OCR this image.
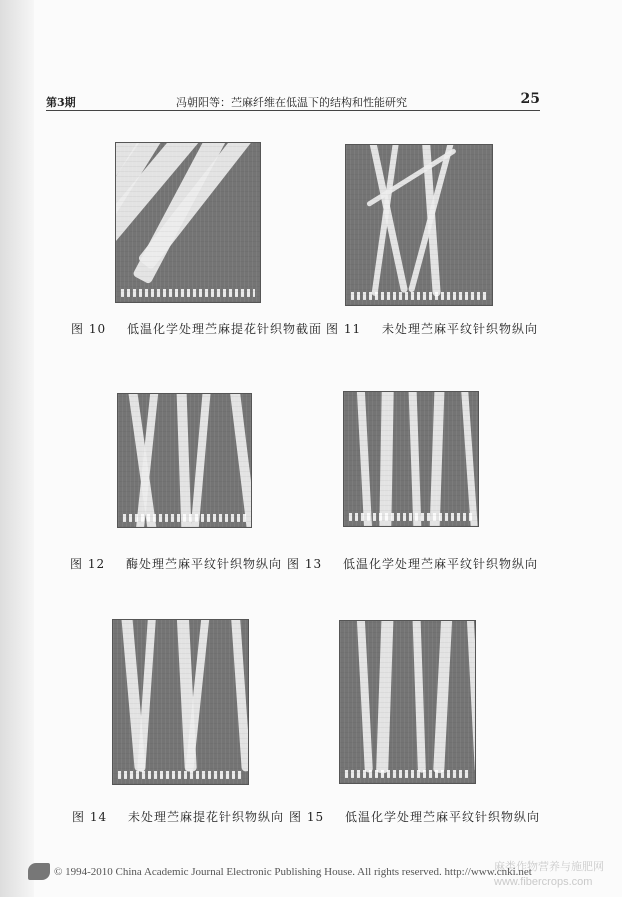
第3期	冯朝阳等：苎麻纤维在低温下的结构和性能研究	25
图 10 低温化学处理苎麻提花针织物截面 图 11 未处理苎麻平纹针织物纵向
图 12 酶处理苎麻平纹针织物纵向 图 13 低温化学处理苎麻平纹针织物纵向
图 14 未处理苎麻提花针织物纵向 图 15 低温化学处理苎麻平纹针织物纵向
© 1994-2010 China Academic Journal Electronic Publishing House. All rights reserved. http://www.cnki.net
麻类作物营养与施肥网
www.fibercrops.com
